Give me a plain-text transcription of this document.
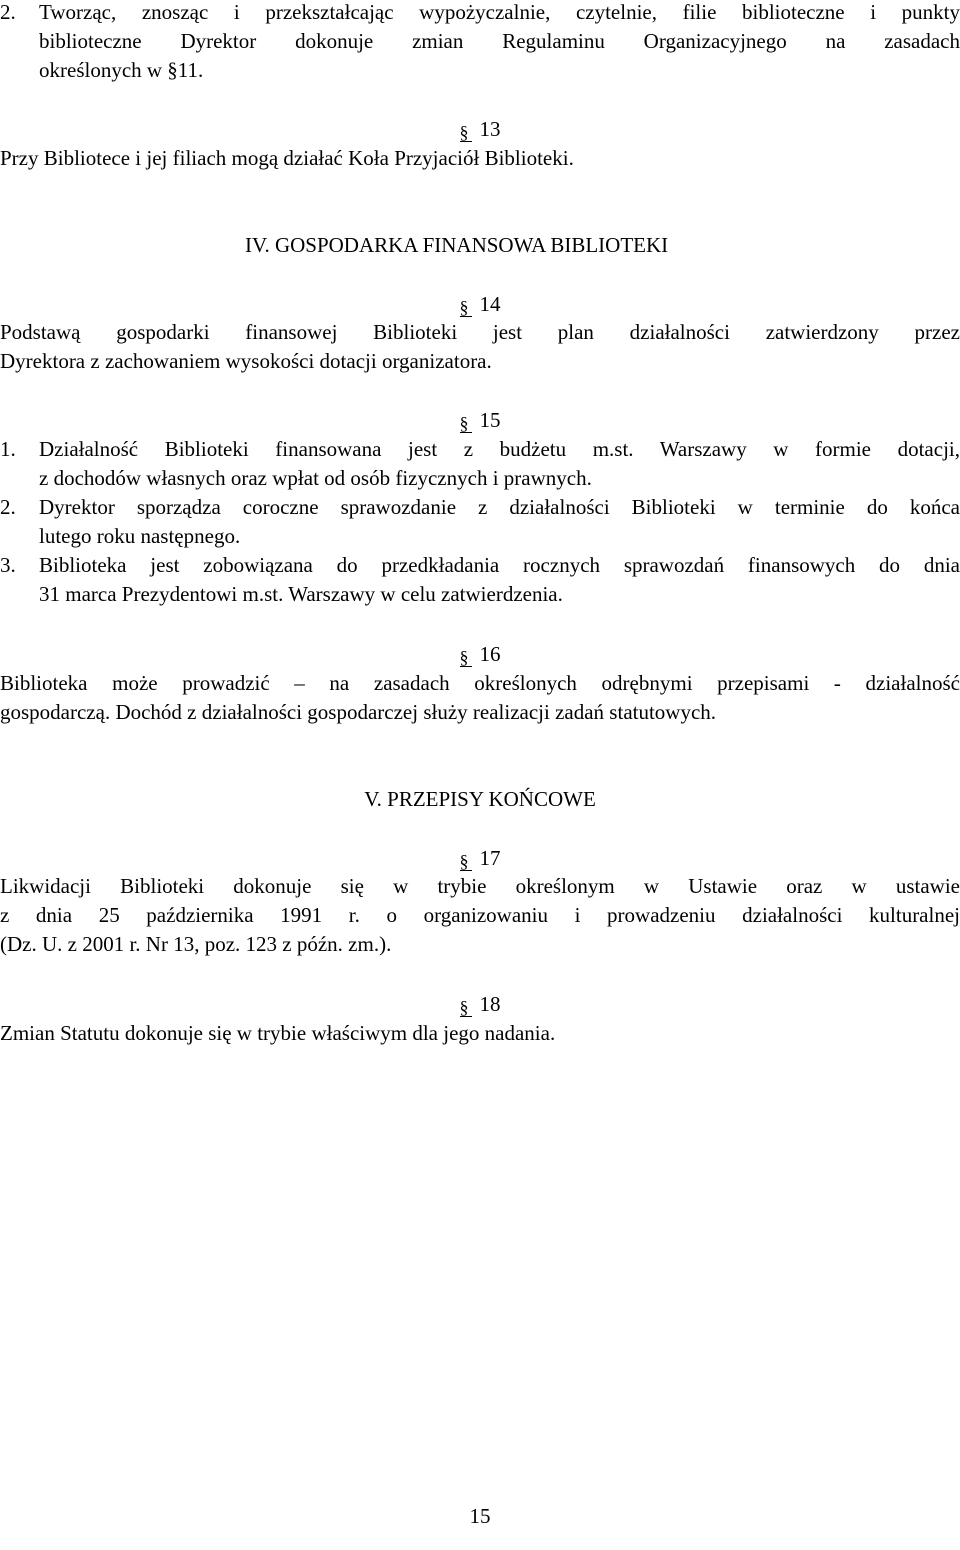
2.	Tworząc, znosząc i przekształcając wypożyczalnie, czytelnie, filie biblioteczne i punkty
biblioteczne Dyrektor dokonuje zmian Regulaminu Organizacyjnego na zasadach
określonych w §11.
§
13
Przy Bibliotece i jej filiach mogą działać Koła Przyjaciół Biblioteki.
IV. GOSPODARKA FINANSOWA BIBLIOTEKI
§
14
Podstawą gospodarki finansowej Biblioteki jest plan działalności zatwierdzony przez
Dyrektora z zachowaniem wysokości dotacji organizatora.
§
15
1.	Działalność Biblioteki finansowana jest z budżetu m.st. Warszawy w formie dotacji,
z dochodów własnych oraz wpłat od osób fizycznych i prawnych.
2.	Dyrektor sporządza coroczne sprawozdanie z działalności Biblioteki w terminie do końca
lutego roku następnego.
3.	Biblioteka jest zobowiązana do przedkładania rocznych sprawozdań finansowych do dnia
31 marca Prezydentowi m.st. Warszawy w celu zatwierdzenia.
§
16
Biblioteka może prowadzić – na zasadach określonych odrębnymi przepisami - działalność
gospodarczą. Dochód z działalności gospodarczej służy realizacji zadań statutowych.
V. PRZEPISY KOŃCOWE
§
17
Likwidacji Biblioteki dokonuje się w trybie określonym w Ustawie oraz w ustawie
z dnia 25 października 1991 r. o organizowaniu i prowadzeniu działalności kulturalnej
(Dz. U. z 2001 r. Nr 13, poz. 123 z późn. zm.).
§
18
Zmian Statutu dokonuje się w trybie właściwym dla jego nadania.
15
